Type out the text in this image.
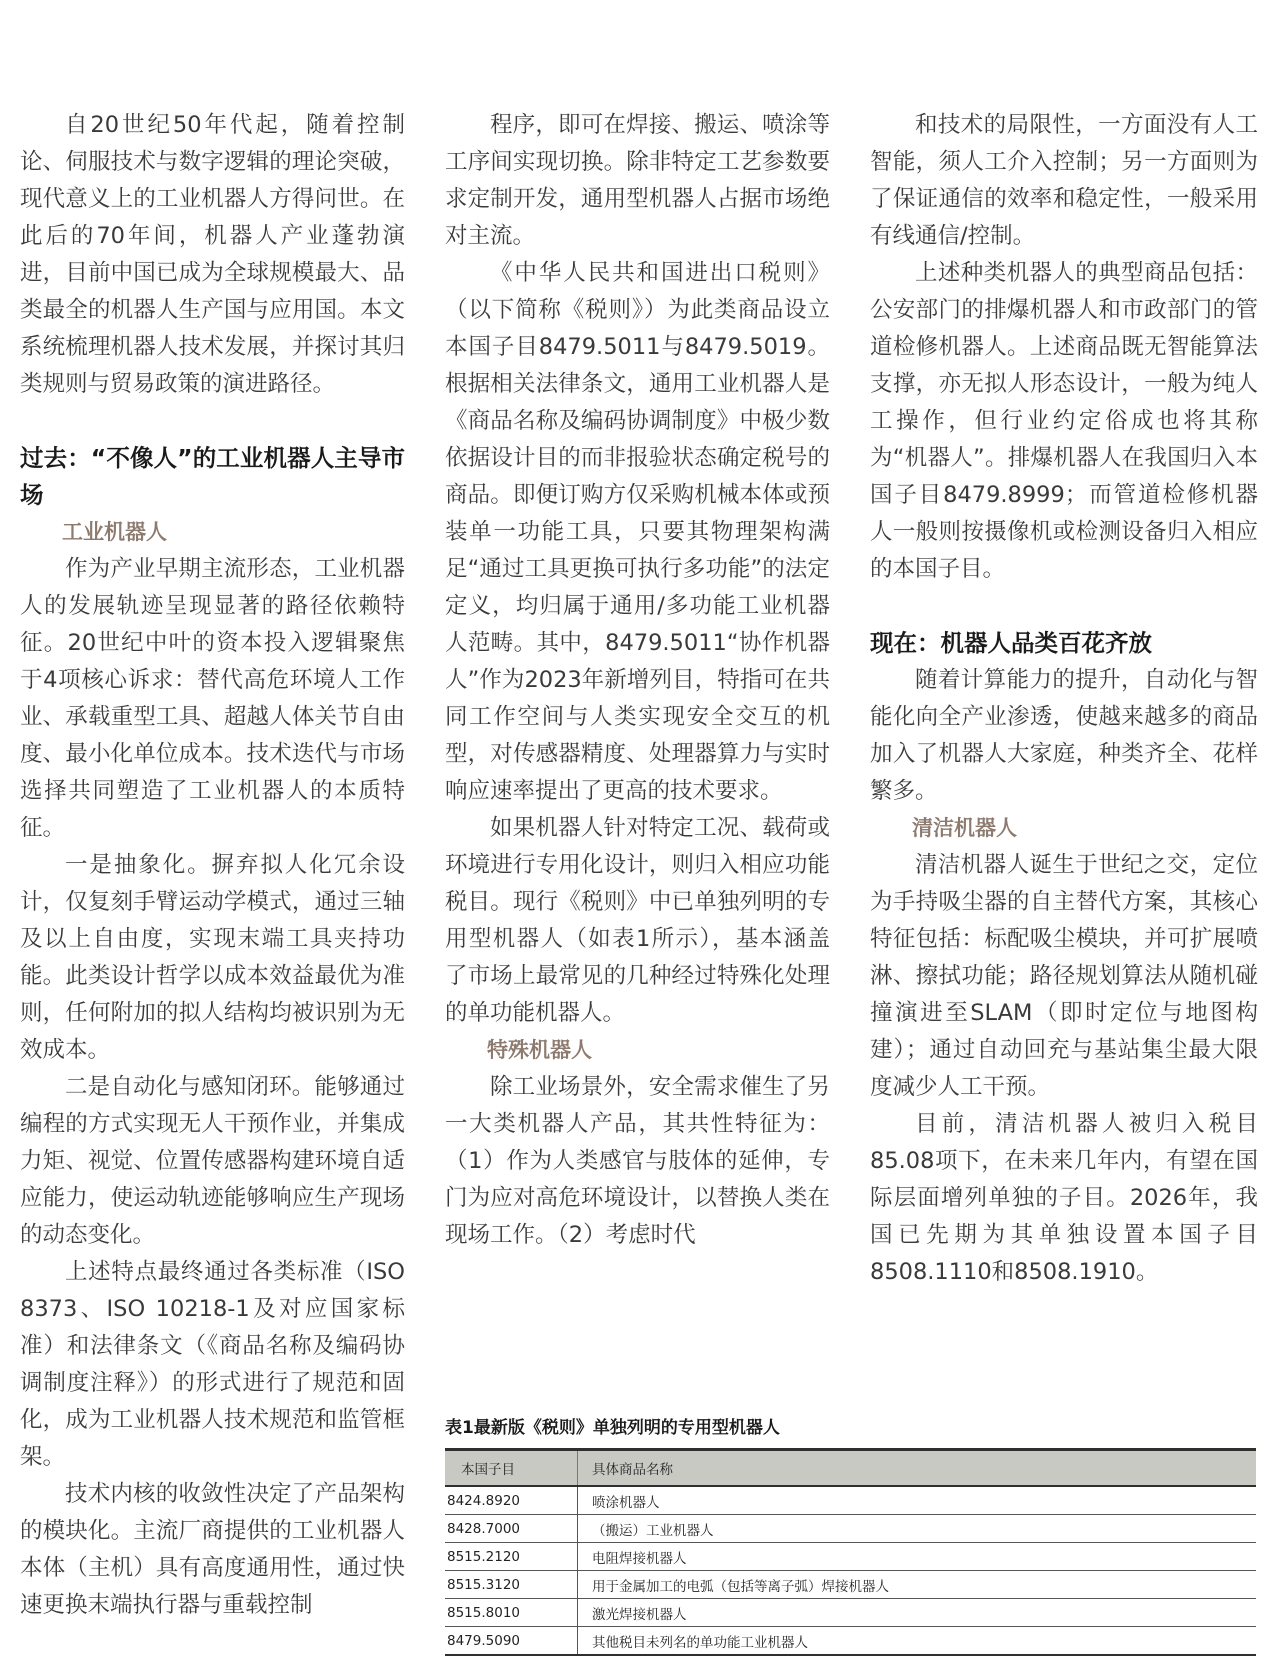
自20世纪50年代起，随着控制论、伺服技术与数字逻辑的理论突破，现代意义上的工业机器人方得问世。在此后的70年间，机器人产业蓬勃演进，目前中国已成为全球规模最大、品类最全的机器人生产国与应用国。本文系统梳理机器人技术发展，并探讨其归类规则与贸易政策的演进路径。

过去：“不像人”的工业机器人主导市场
工业机器人

作为产业早期主流形态，工业机器人的发展轨迹呈现显著的路径依赖特征。20世纪中叶的资本投入逻辑聚焦于4项核心诉求：替代高危环境人工作业、承载重型工具、超越人体关节自由度、最小化单位成本。技术迭代与市场选择共同塑造了工业机器人的本质特征。

一是抽象化。摒弃拟人化冗余设计，仅复刻手臂运动学模式，通过三轴及以上自由度，实现末端工具夹持功能。此类设计哲学以成本效益最优为准则，任何附加的拟人结构均被识别为无效成本。

二是自动化与感知闭环。能够通过编程的方式实现无人干预作业，并集成力矩、视觉、位置传感器构建环境自适应能力，使运动轨迹能够响应生产现场的动态变化。

上述特点最终通过各类标准（ISO 8373、ISO 10218-1及对应国家标准）和法律条文（《商品名称及编码协调制度注释》）的形式进行了规范和固化，成为工业机器人技术规范和监管框架。

技术内核的收敛性决定了产品架构的模块化。主流厂商提供的工业机器人本体（主机）具有高度通用性，通过快速更换末端执行器与重载控制

程序，即可在焊接、搬运、喷涂等工序间实现切换。除非特定工艺参数要求定制开发，通用型机器人占据市场绝对主流。

《中华人民共和国进出口税则》（以下简称《税则》）为此类商品设立本国子目8479.5011与8479.5019。根据相关法律条文，通用工业机器人是《商品名称及编码协调制度》中极少数依据设计目的而非报验状态确定税号的商品。即便订购方仅采购机械本体或预装单一功能工具，只要其物理架构满足“通过工具更换可执行多功能”的法定定义，均归属于通用/多功能工业机器人范畴。其中，8479.5011“协作机器人”作为2023年新增列目，特指可在共同工作空间与人类实现安全交互的机型，对传感器精度、处理器算力与实时响应速率提出了更高的技术要求。

如果机器人针对特定工况、载荷或环境进行专用化设计，则归入相应功能税目。现行《税则》中已单独列明的专用型机器人（如表1所示），基本涵盖了市场上最常见的几种经过特殊化处理的单功能机器人。

特殊机器人

除工业场景外，安全需求催生了另一大类机器人产品，其共性特征为：（1）作为人类感官与肢体的延伸，专门为应对高危环境设计，以替换人类在现场工作。（2）考虑时代

和技术的局限性，一方面没有人工智能，须人工介入控制；另一方面则为了保证通信的效率和稳定性，一般采用有线通信/控制。

上述种类机器人的典型商品包括：公安部门的排爆机器人和市政部门的管道检修机器人。上述商品既无智能算法支撑，亦无拟人形态设计，一般为纯人工操作，但行业约定俗成也将其称为“机器人”。排爆机器人在我国归入本国子目8479.8999；而管道检修机器人一般则按摄像机或检测设备归入相应的本国子目。

现在：机器人品类百花齐放

随着计算能力的提升，自动化与智能化向全产业渗透，使越来越多的商品加入了机器人大家庭，种类齐全、花样繁多。

清洁机器人

清洁机器人诞生于世纪之交，定位为手持吸尘器的自主替代方案，其核心特征包括：标配吸尘模块，并可扩展喷淋、擦拭功能；路径规划算法从随机碰撞演进至SLAM（即时定位与地图构建）；通过自动回充与基站集尘最大限度减少人工干预。

目前，清洁机器人被归入税目85.08项下，在未来几年内，有望在国际层面增列单独的子目。2026年，我国已先期为其单独设置本国子目8508.1110和8508.1910。

表1最新版《税则》单独列明的专用型机器人
本国子目	具体商品名称
8424.8920	喷涂机器人
8428.7000	（搬运）工业机器人
8515.2120	电阻焊接机器人
8515.3120	用于金属加工的电弧（包括等离子弧）焊接机器人
8515.8010	激光焊接机器人
8479.5090	其他税目未列名的单功能工业机器人
